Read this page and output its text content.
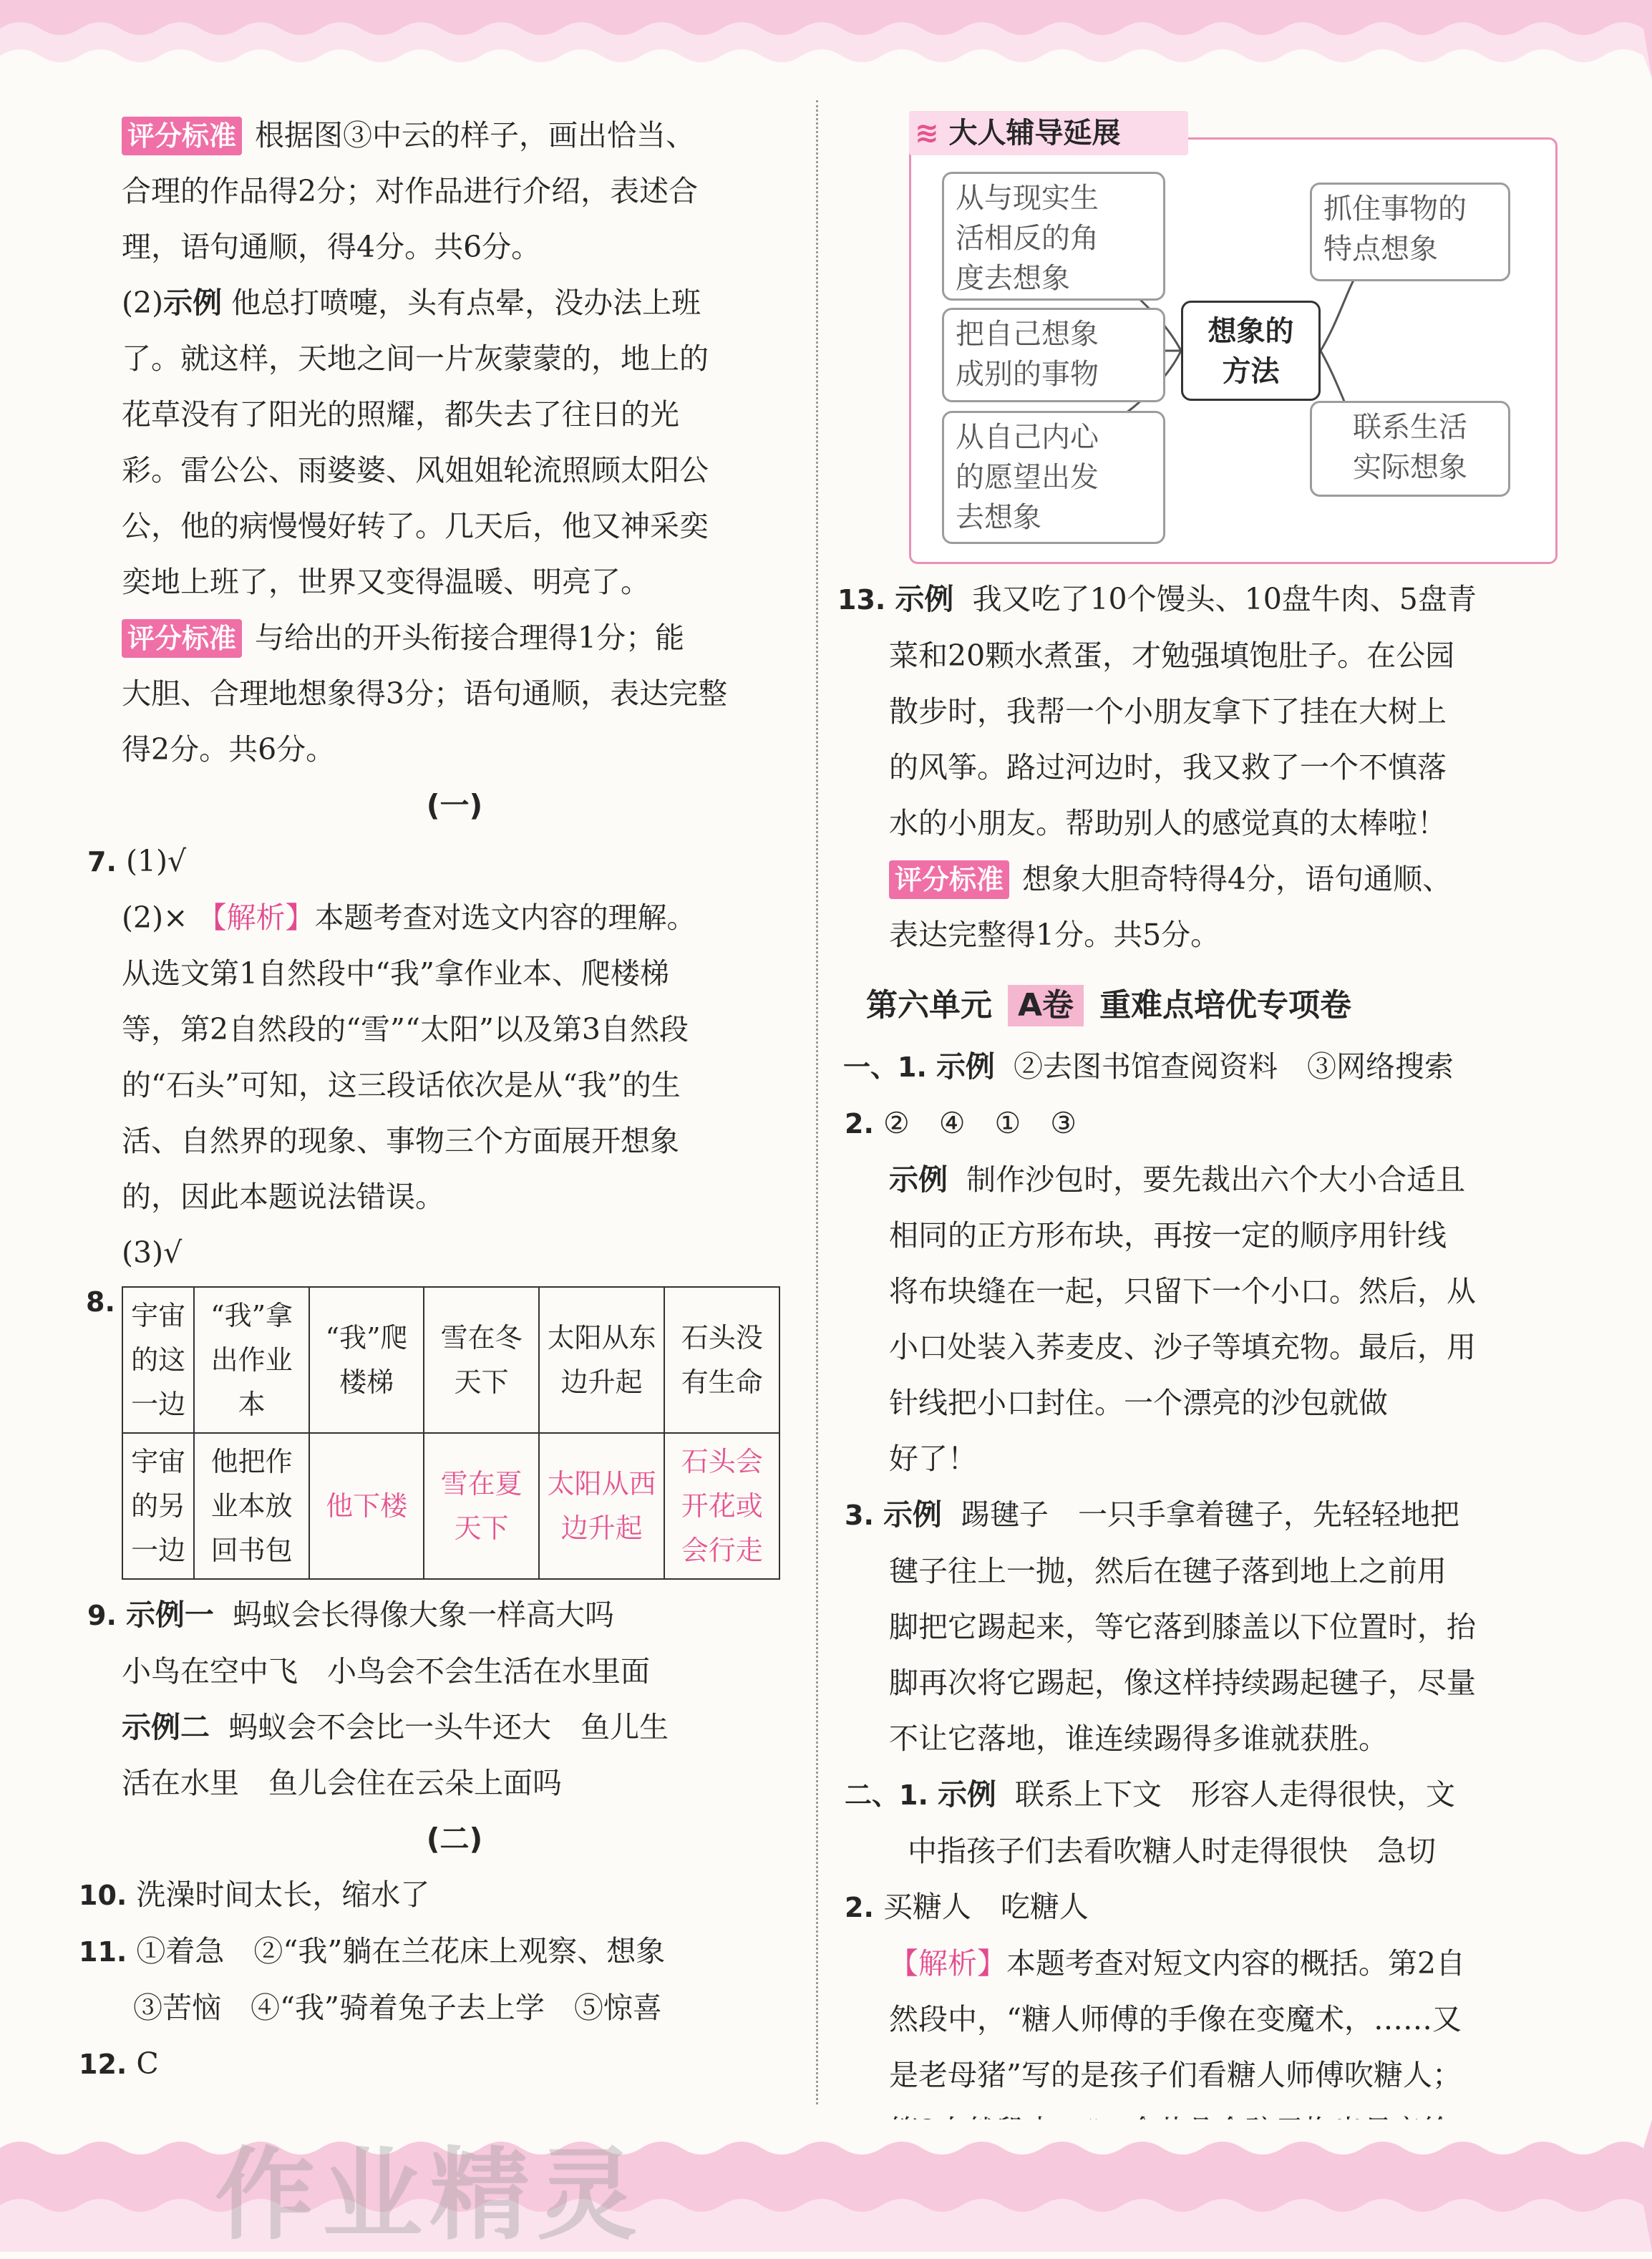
评分标准 根据图③中云的样子，画出恰当、
合理的作品得2分；对作品进行介绍，表述合
理，语句通顺，得4分。共6分。
(2)示例 他总打喷嚏，头有点晕，没办法上班
了。就这样，天地之间一片灰蒙蒙的，地上的
花草没有了阳光的照耀，都失去了往日的光
彩。雷公公、雨婆婆、风姐姐轮流照顾太阳公
公，他的病慢慢好转了。几天后，他又神采奕
奕地上班了，世界又变得温暖、明亮了。
评分标准 与给出的开头衔接合理得1分；能
大胆、合理地想象得3分；语句通顺，表达完整
得2分。共6分。
(一)
7. (1)√
(2)× 【解析】本题考查对选文内容的理解。
从选文第1自然段中“我”拿作业本、爬楼梯
等，第2自然段的“雪”“太阳”以及第3自然段
的“石头”可知，这三段话依次是从“我”的生
活、自然界的现象、事物三个方面展开想象
的，因此本题说法错误。
(3)√
8. 宇宙的这一边	“我”拿出作业本	“我”爬楼梯	雪在冬天下	太阳从东边升起	石头没有生命
宇宙的另一边	他把作业本放回书包	他下楼	雪在夏天下	太阳从西边升起	石头会开花或会行走
9. 示例一 蚂蚁会长得像大象一样高大吗
小鸟在空中飞　小鸟会不会生活在水里面
示例二 蚂蚁会不会比一头牛还大　鱼儿生
活在水里　鱼儿会住在云朵上面吗
(二)
10. 洗澡时间太长，缩水了
11. ①着急　②“我”躺在兰花床上观察、想象
③苦恼　④“我”骑着兔子去上学　⑤惊喜
12. C
≋ 大人辅导延展
从与现实生
活相反的角
度去想象
把自己想象
成别的事物
从自己内心
的愿望出发
去想象
想象的
方法
抓住事物的
特点想象
联系生活
实际想象
13. 示例 我又吃了10个馒头、10盘牛肉、5盘青
菜和20颗水煮蛋，才勉强填饱肚子。在公园
散步时，我帮一个小朋友拿下了挂在大树上
的风筝。路过河边时，我又救了一个不慎落
水的小朋友。帮助别人的感觉真的太棒啦！
评分标准 想象大胆奇特得4分，语句通顺、
表达完整得1分。共5分。
第六单元 A卷 重难点培优专项卷
一、1. 示例 ②去图书馆查阅资料　③网络搜索
2. ②　④　①　③
示例 制作沙包时，要先裁出六个大小合适且
相同的正方形布块，再按一定的顺序用针线
将布块缝在一起，只留下一个小口。然后，从
小口处装入荞麦皮、沙子等填充物。最后，用
针线把小口封住。一个漂亮的沙包就做
好了！
3. 示例 踢毽子　一只手拿着毽子，先轻轻地把
毽子往上一抛，然后在毽子落到地上之前用
脚把它踢起来，等它落到膝盖以下位置时，抬
脚再次将它踢起，像这样持续踢起毽子，尽量
不让它落地，谁连续踢得多谁就获胜。
二、1. 示例 联系上下文　形容人走得很快，文
中指孩子们去看吹糖人时走得很快　急切
2. 买糖人　吃糖人
【解析】本题考查对短文内容的概括。第2自
然段中，“糖人师傅的手像在变魔术，……又
是老母猪”写的是孩子们看糖人师傅吹糖人；
作业精灵
